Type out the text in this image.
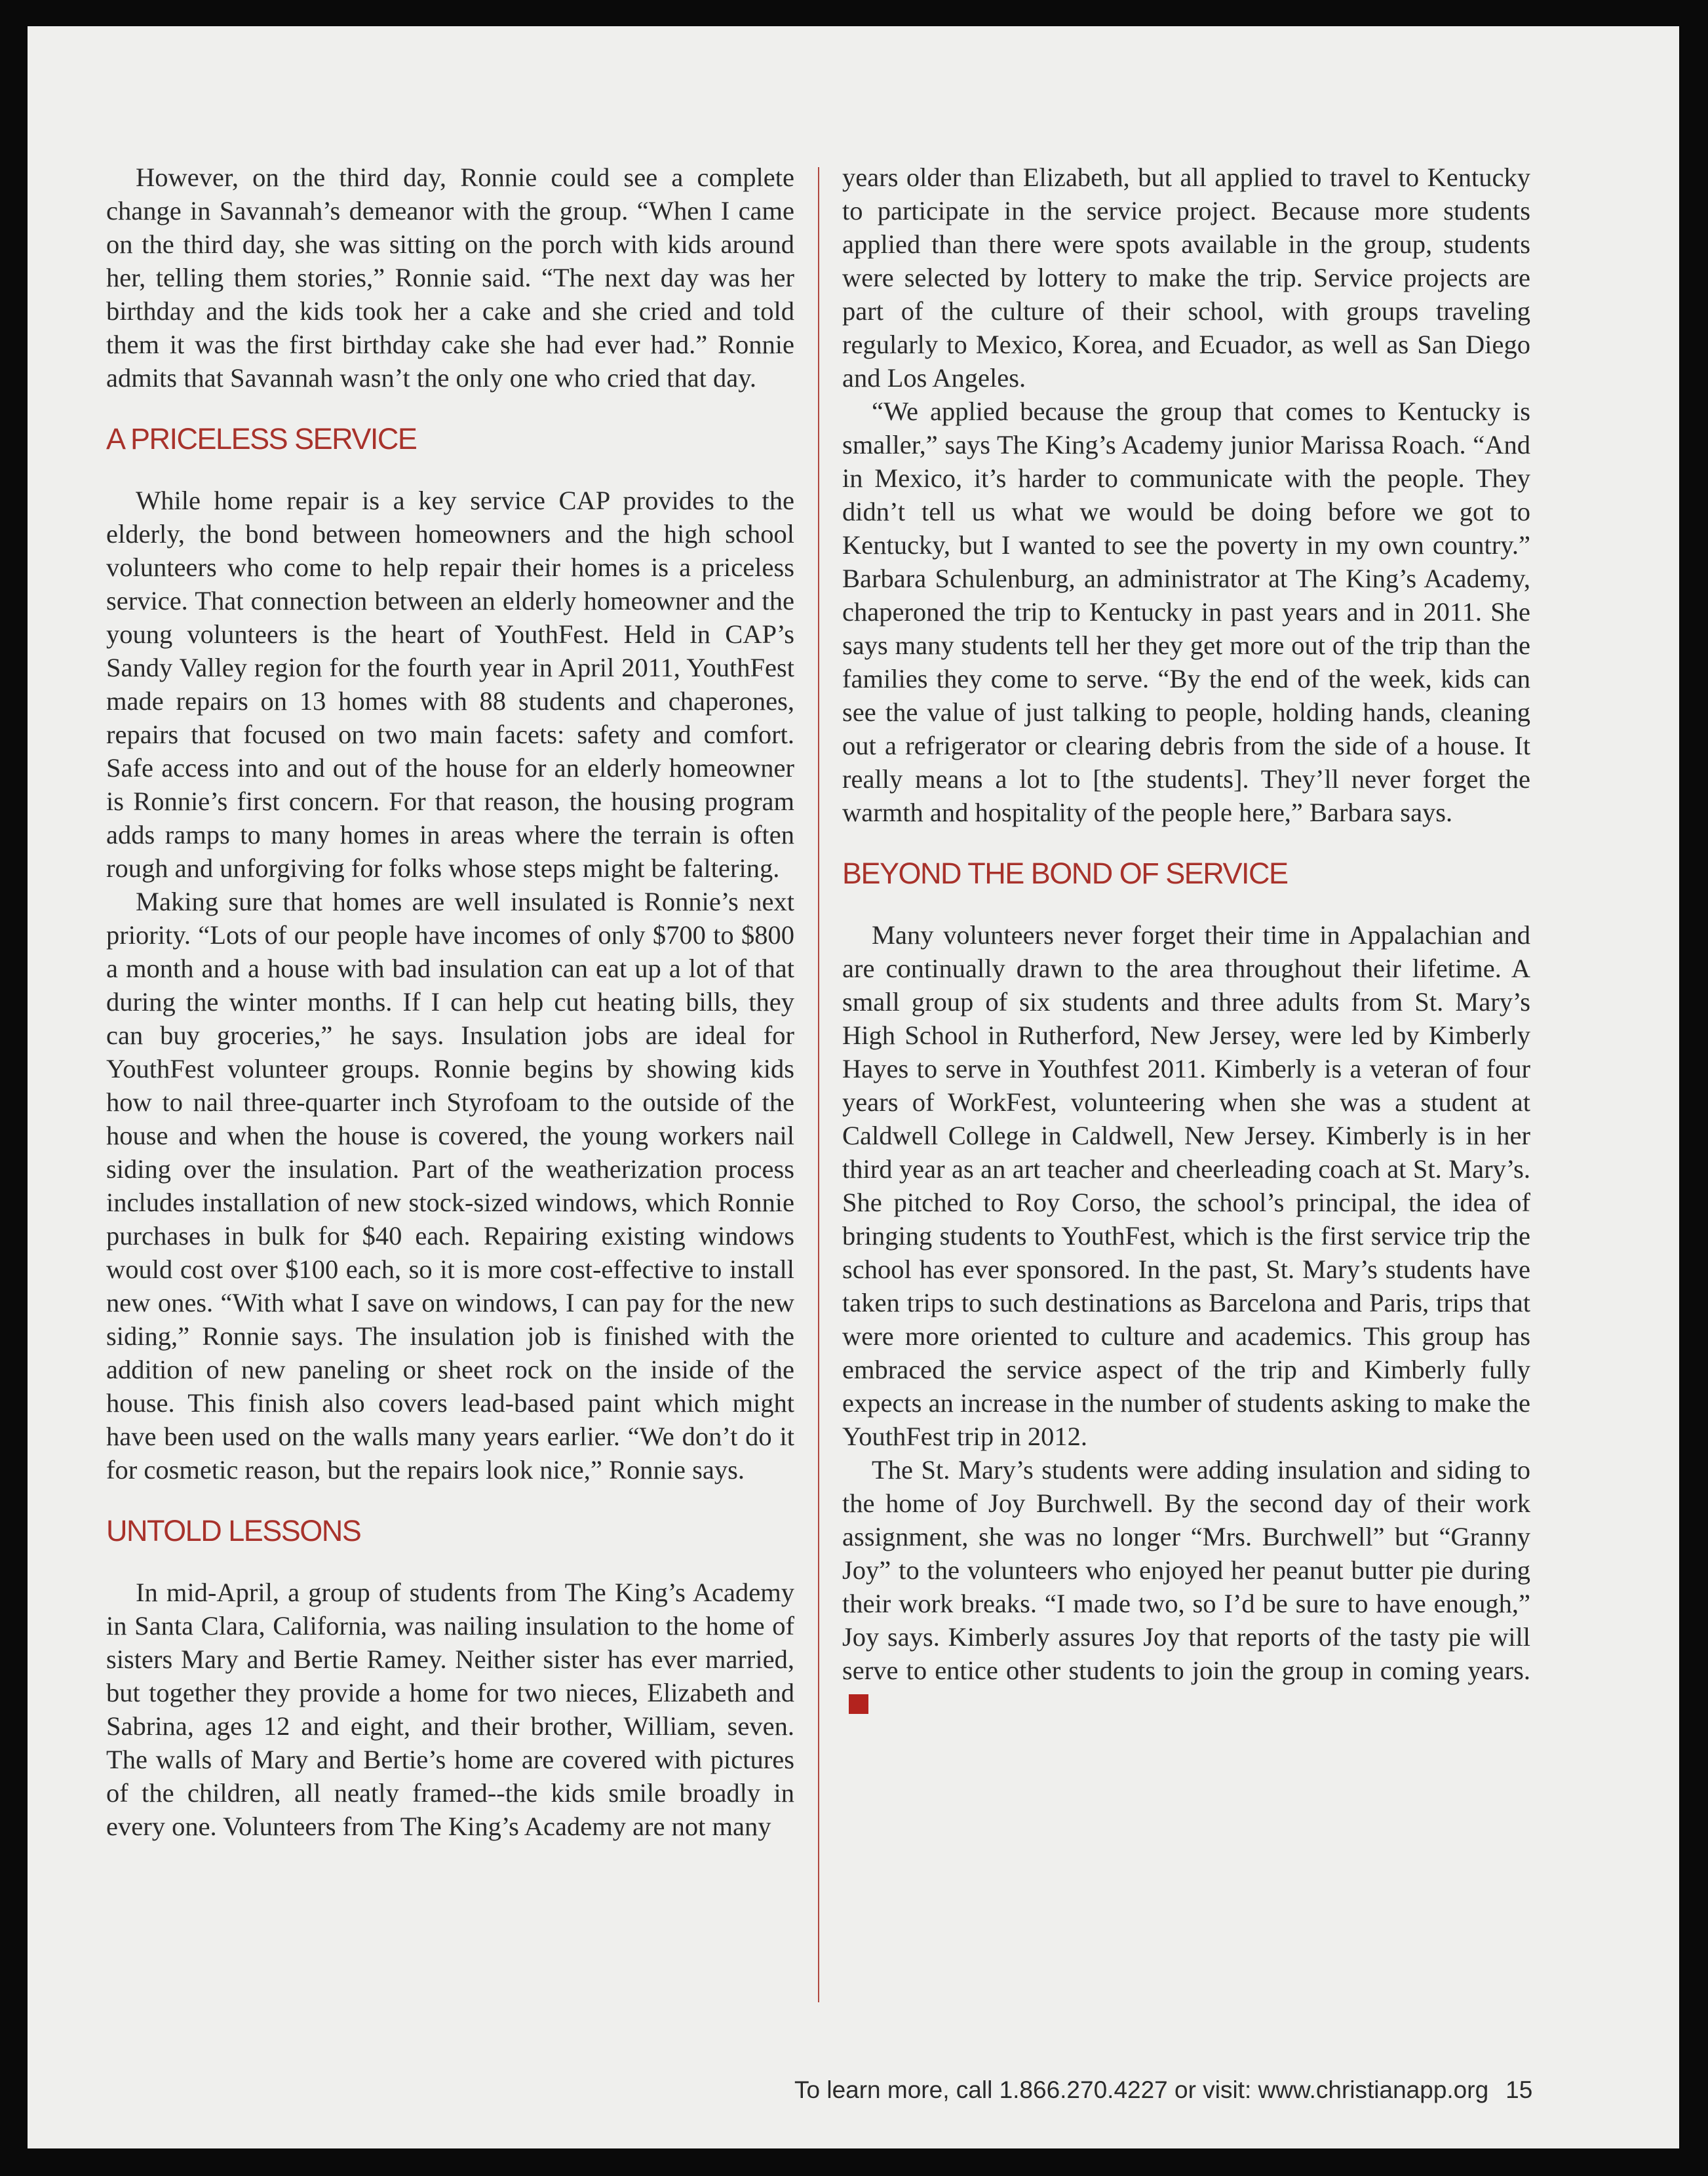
However, on the third day, Ronnie could see a complete change in Savannah’s demeanor with the group. “When I came on the third day, she was sitting on the porch with kids around her, telling them stories,” Ronnie said. “The next day was her birthday and the kids took her a cake and she cried and told them it was the first birthday cake she had ever had.” Ronnie admits that Savannah wasn’t the only one who cried that day.

A PRICELESS SERVICE

While home repair is a key service CAP provides to the elderly, the bond between homeowners and the high school volunteers who come to help repair their homes is a priceless service. That connection between an elderly homeowner and the young volunteers is the heart of YouthFest. Held in CAP’s Sandy Valley region for the fourth year in April 2011, YouthFest made repairs on 13 homes with 88 students and chaperones, repairs that focused on two main facets: safety and comfort. Safe access into and out of the house for an elderly homeowner is Ronnie’s first concern. For that reason, the housing program adds ramps to many homes in areas where the terrain is often rough and unforgiving for folks whose steps might be faltering.

Making sure that homes are well insulated is Ronnie’s next priority. “Lots of our people have incomes of only $700 to $800 a month and a house with bad insulation can eat up a lot of that during the winter months. If I can help cut heating bills, they can buy groceries,” he says. Insulation jobs are ideal for YouthFest volunteer groups. Ronnie begins by showing kids how to nail three-quarter inch Styrofoam to the outside of the house and when the house is covered, the young workers nail siding over the insulation. Part of the weatherization process includes installation of new stock-sized windows, which Ronnie purchases in bulk for $40 each. Repairing existing windows would cost over $100 each, so it is more cost-effective to install new ones. “With what I save on windows, I can pay for the new siding,” Ronnie says. The insulation job is finished with the addition of new paneling or sheet rock on the inside of the house. This finish also covers lead-based paint which might have been used on the walls many years earlier. “We don’t do it for cosmetic reason, but the repairs look nice,” Ronnie says.

UNTOLD LESSONS

In mid-April, a group of students from The King’s Academy in Santa Clara, California, was nailing insulation to the home of sisters Mary and Bertie Ramey. Neither sister has ever married, but together they provide a home for two nieces, Elizabeth and Sabrina, ages 12 and eight, and their brother, William, seven. The walls of Mary and Bertie’s home are covered with pictures of the children, all neatly framed--the kids smile broadly in every one. Volunteers from The King’s Academy are not many

years older than Elizabeth, but all applied to travel to Kentucky to participate in the service project. Because more students applied than there were spots available in the group, students were selected by lottery to make the trip. Service projects are part of the culture of their school, with groups traveling regularly to Mexico, Korea, and Ecuador, as well as San Diego and Los Angeles.

“We applied because the group that comes to Kentucky is smaller,” says The King’s Academy junior Marissa Roach. “And in Mexico, it’s harder to communicate with the people. They didn’t tell us what we would be doing before we got to Kentucky, but I wanted to see the poverty in my own country.” Barbara Schulenburg, an administrator at The King’s Academy, chaperoned the trip to Kentucky in past years and in 2011. She says many students tell her they get more out of the trip than the families they come to serve. “By the end of the week, kids can see the value of just talking to people, holding hands, cleaning out a refrigerator or clearing debris from the side of a house. It really means a lot to [the students]. They’ll never forget the warmth and hospitality of the people here,” Barbara says.

BEYOND THE BOND OF SERVICE

Many volunteers never forget their time in Appalachian and are continually drawn to the area throughout their lifetime. A small group of six students and three adults from St. Mary’s High School in Rutherford, New Jersey, were led by Kimberly Hayes to serve in Youthfest 2011. Kimberly is a veteran of four years of WorkFest, volunteering when she was a student at Caldwell College in Caldwell, New Jersey. Kimberly is in her third year as an art teacher and cheerleading coach at St. Mary’s. She pitched to Roy Corso, the school’s principal, the idea of bringing students to YouthFest, which is the first service trip the school has ever sponsored. In the past, St. Mary’s students have taken trips to such destinations as Barcelona and Paris, trips that were more oriented to culture and academics. This group has embraced the service aspect of the trip and Kimberly fully expects an increase in the number of students asking to make the YouthFest trip in 2012.

The St. Mary’s students were adding insulation and siding to the home of Joy Burchwell. By the second day of their work assignment, she was no longer “Mrs. Burchwell” but “Granny Joy” to the volunteers who enjoyed her peanut butter pie during their work breaks. “I made two, so I’d be sure to have enough,” Joy says. Kimberly assures Joy that reports of the tasty pie will serve to entice other students to join the group in coming years.

To learn more, call 1.866.270.4227 or visit: www.christianapp.org 15
